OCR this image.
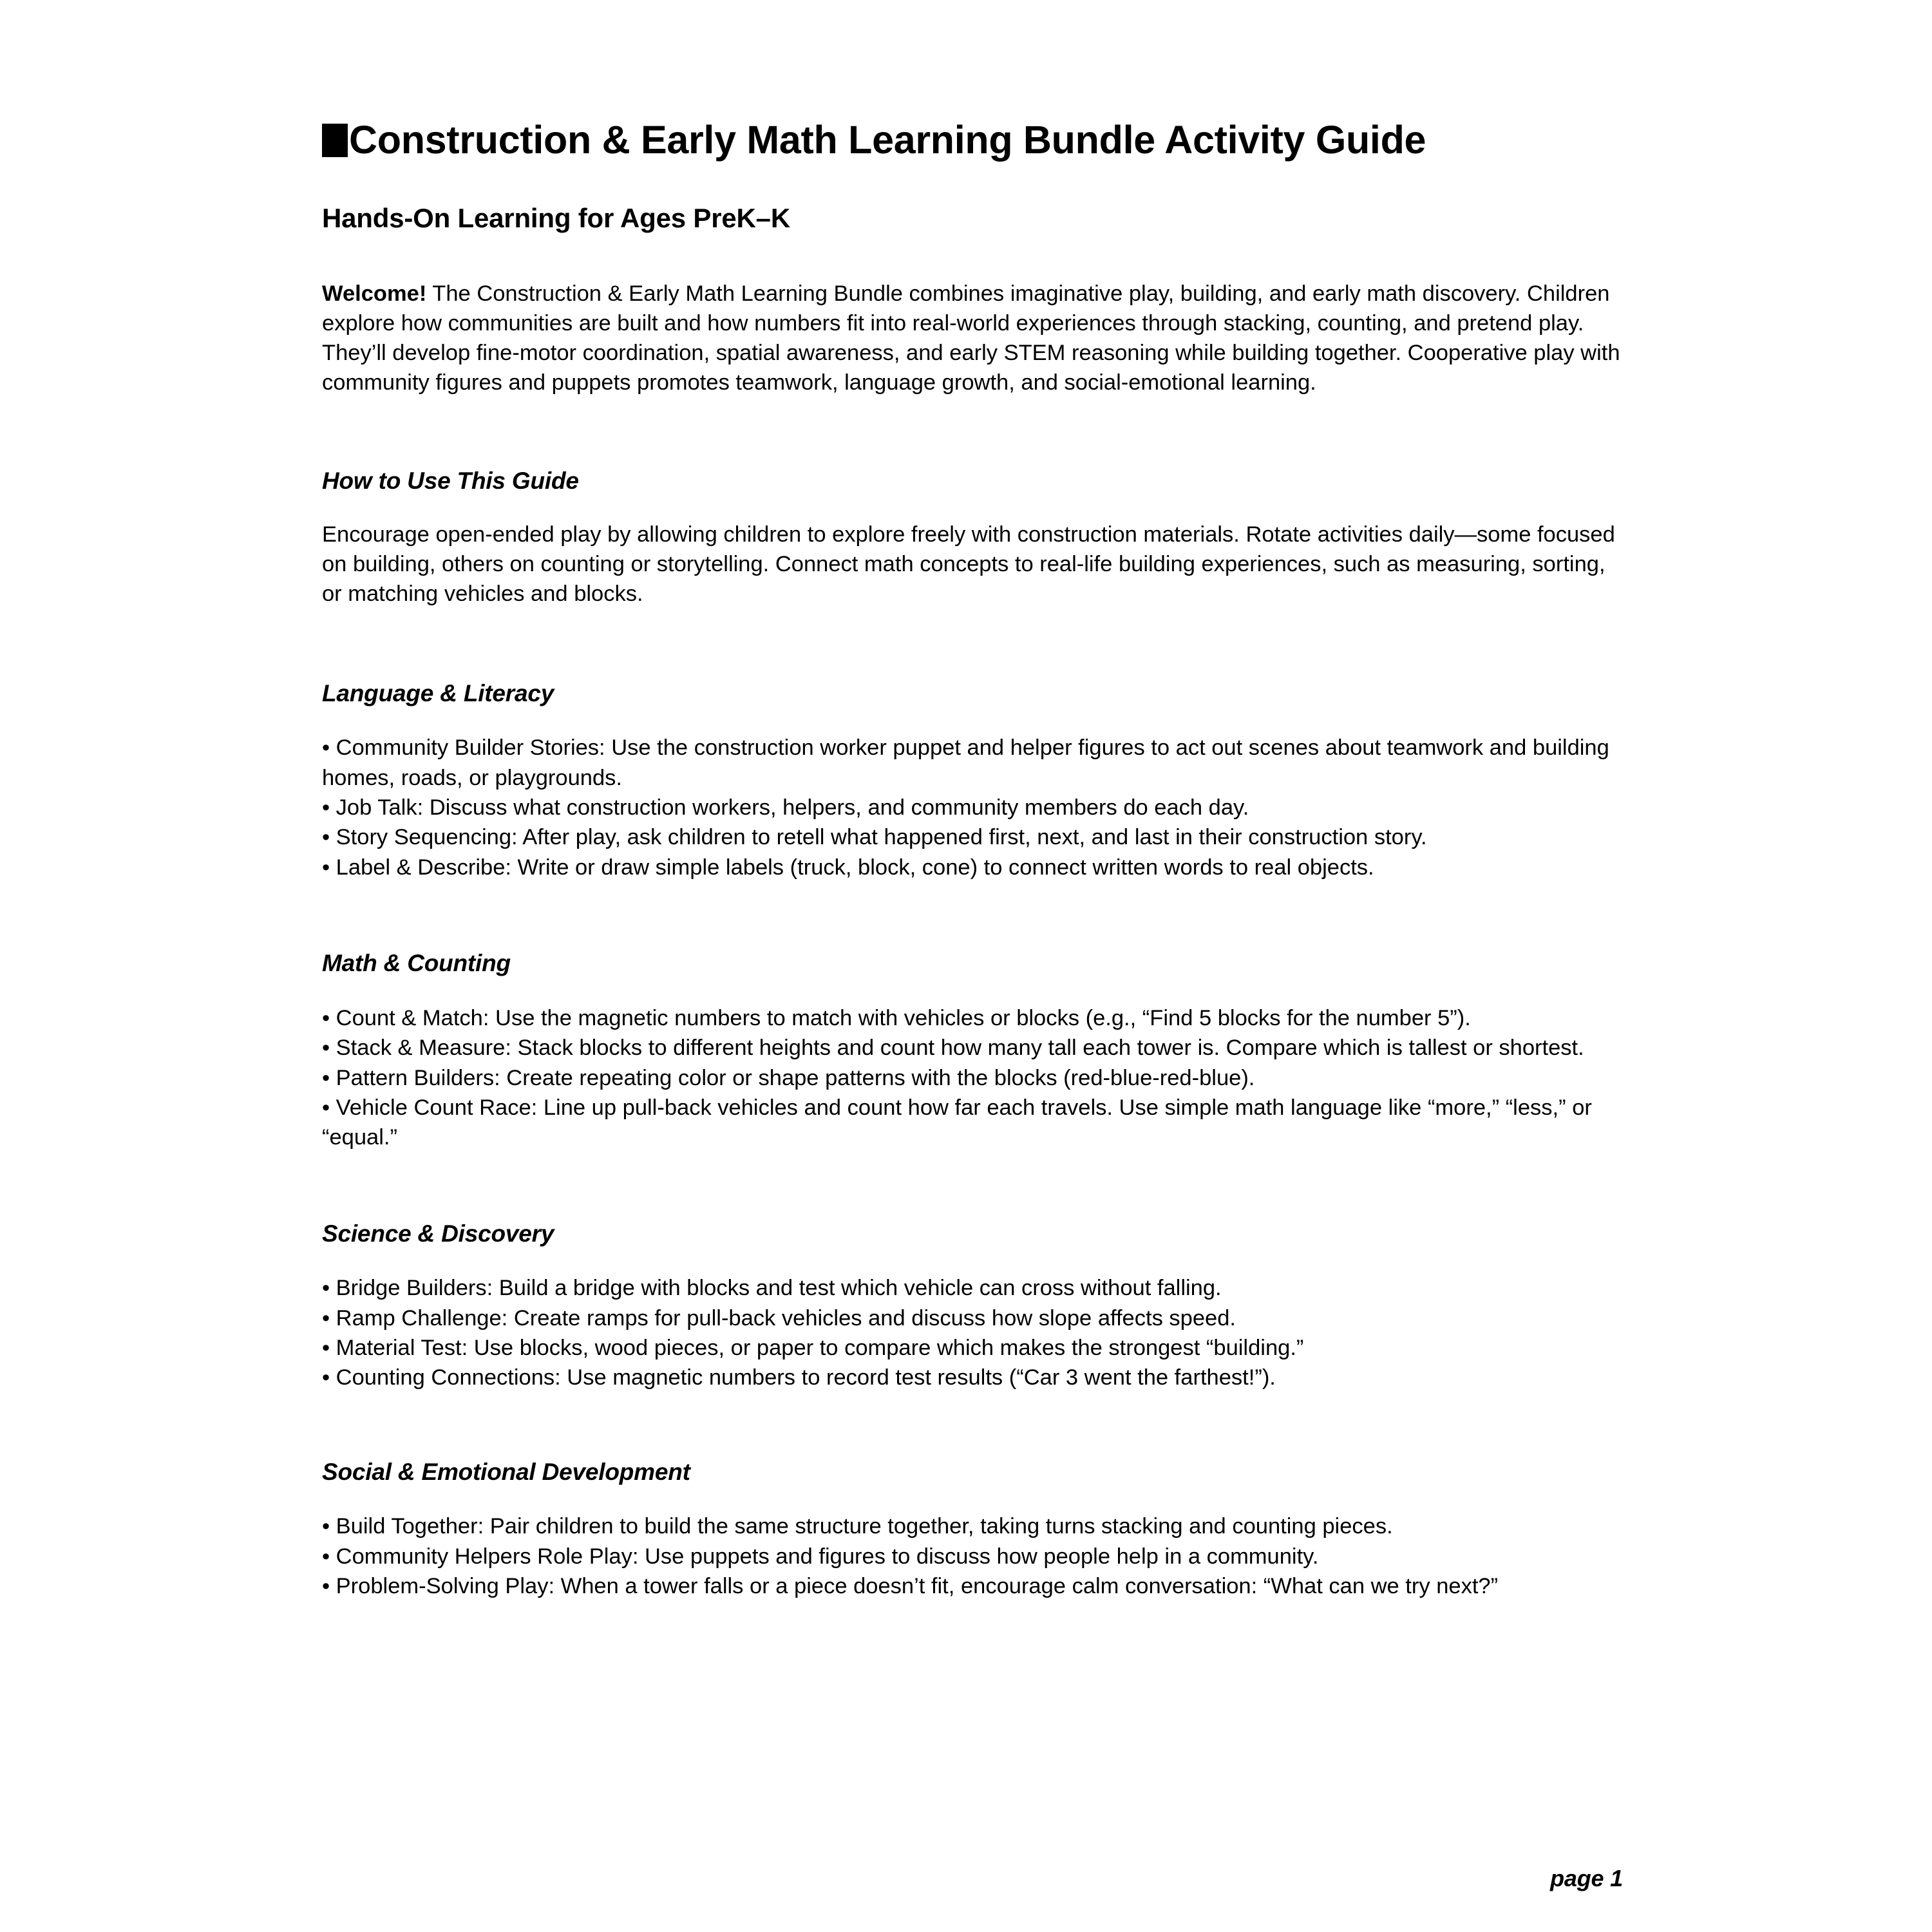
Construction & Early Math Learning Bundle Activity Guide
Hands-On Learning for Ages PreK–K

Welcome! The Construction & Early Math Learning Bundle combines imaginative play, building, and early math discovery. Children explore how communities are built and how numbers fit into real-world experiences through stacking, counting, and pretend play. They’ll develop fine-motor coordination, spatial awareness, and early STEM reasoning while building together. Cooperative play with community figures and puppets promotes teamwork, language growth, and social-emotional learning.

How to Use This Guide

Encourage open-ended play by allowing children to explore freely with construction materials. Rotate activities daily—some focused on building, others on counting or storytelling. Connect math concepts to real-life building experiences, such as measuring, sorting, or matching vehicles and blocks.

Language & Literacy

• Community Builder Stories: Use the construction worker puppet and helper figures to act out scenes about teamwork and building homes, roads, or playgrounds.

• Job Talk: Discuss what construction workers, helpers, and community members do each day.

• Story Sequencing: After play, ask children to retell what happened first, next, and last in their construction story.

• Label & Describe: Write or draw simple labels (truck, block, cone) to connect written words to real objects.

Math & Counting

• Count & Match: Use the magnetic numbers to match with vehicles or blocks (e.g., “Find 5 blocks for the number 5”).

• Stack & Measure: Stack blocks to different heights and count how many tall each tower is. Compare which is tallest or shortest.

• Pattern Builders: Create repeating color or shape patterns with the blocks (red-blue-red-blue).

• Vehicle Count Race: Line up pull-back vehicles and count how far each travels. Use simple math language like “more,” “less,” or “equal.”

Science & Discovery

• Bridge Builders: Build a bridge with blocks and test which vehicle can cross without falling.

• Ramp Challenge: Create ramps for pull-back vehicles and discuss how slope affects speed.

• Material Test: Use blocks, wood pieces, or paper to compare which makes the strongest “building.”

• Counting Connections: Use magnetic numbers to record test results (“Car 3 went the farthest!”).

Social & Emotional Development

• Build Together: Pair children to build the same structure together, taking turns stacking and counting pieces.

• Community Helpers Role Play: Use puppets and figures to discuss how people help in a community.

• Problem-Solving Play: When a tower falls or a piece doesn’t fit, encourage calm conversation: “What can we try next?”

page 1
